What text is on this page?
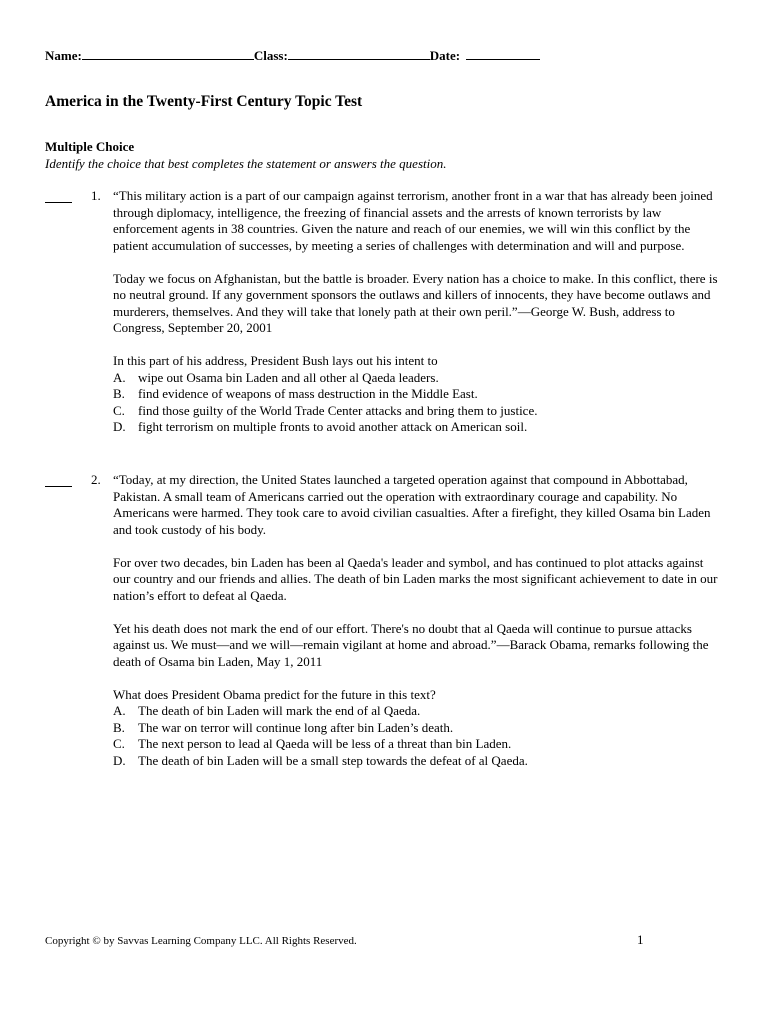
Name:	Class:	Date:
America in the Twenty-First Century Topic Test
Multiple Choice
Identify the choice that best completes the statement or answers the question.
1. “This military action is a part of our campaign against terrorism, another front in a war that has already been joined through diplomacy, intelligence, the freezing of financial assets and the arrests of known terrorists by law enforcement agents in 38 countries. Given the nature and reach of our enemies, we will win this conflict by the patient accumulation of successes, by meeting a series of challenges with determination and will and purpose.

Today we focus on Afghanistan, but the battle is broader. Every nation has a choice to make. In this conflict, there is no neutral ground. If any government sponsors the outlaws and killers of innocents, they have become outlaws and murderers, themselves. And they will take that lonely path at their own peril.”—George W. Bush, address to Congress, September 20, 2001

In this part of his address, President Bush lays out his intent to
A. wipe out Osama bin Laden and all other al Qaeda leaders.
B.	find evidence of weapons of mass destruction in the Middle East.
C.	find those guilty of the World Trade Center attacks and bring them to justice.
D. fight terrorism on multiple fronts to avoid another attack on American soil.
2. “Today, at my direction, the United States launched a targeted operation against that compound in Abbottabad, Pakistan. A small team of Americans carried out the operation with extraordinary courage and capability. No Americans were harmed. They took care to avoid civilian casualties. After a firefight, they killed Osama bin Laden and took custody of his body.

For over two decades, bin Laden has been al Qaeda's leader and symbol, and has continued to plot attacks against our country and our friends and allies. The death of bin Laden marks the most significant achievement to date in our nation’s effort to defeat al Qaeda.

Yet his death does not mark the end of our effort. There's no doubt that al Qaeda will continue to pursue attacks against us. We must—and we will—remain vigilant at home and abroad.”—Barack Obama, remarks following the death of Osama bin Laden, May 1, 2011

What does President Obama predict for the future in this text?
A. The death of bin Laden will mark the end of al Qaeda.
B.	The war on terror will continue long after bin Laden’s death.
C.	The next person to lead al Qaeda will be less of a threat than bin Laden.
D. The death of bin Laden will be a small step towards the defeat of al Qaeda.
Copyright © by Savvas Learning Company LLC. All Rights Reserved.	1
